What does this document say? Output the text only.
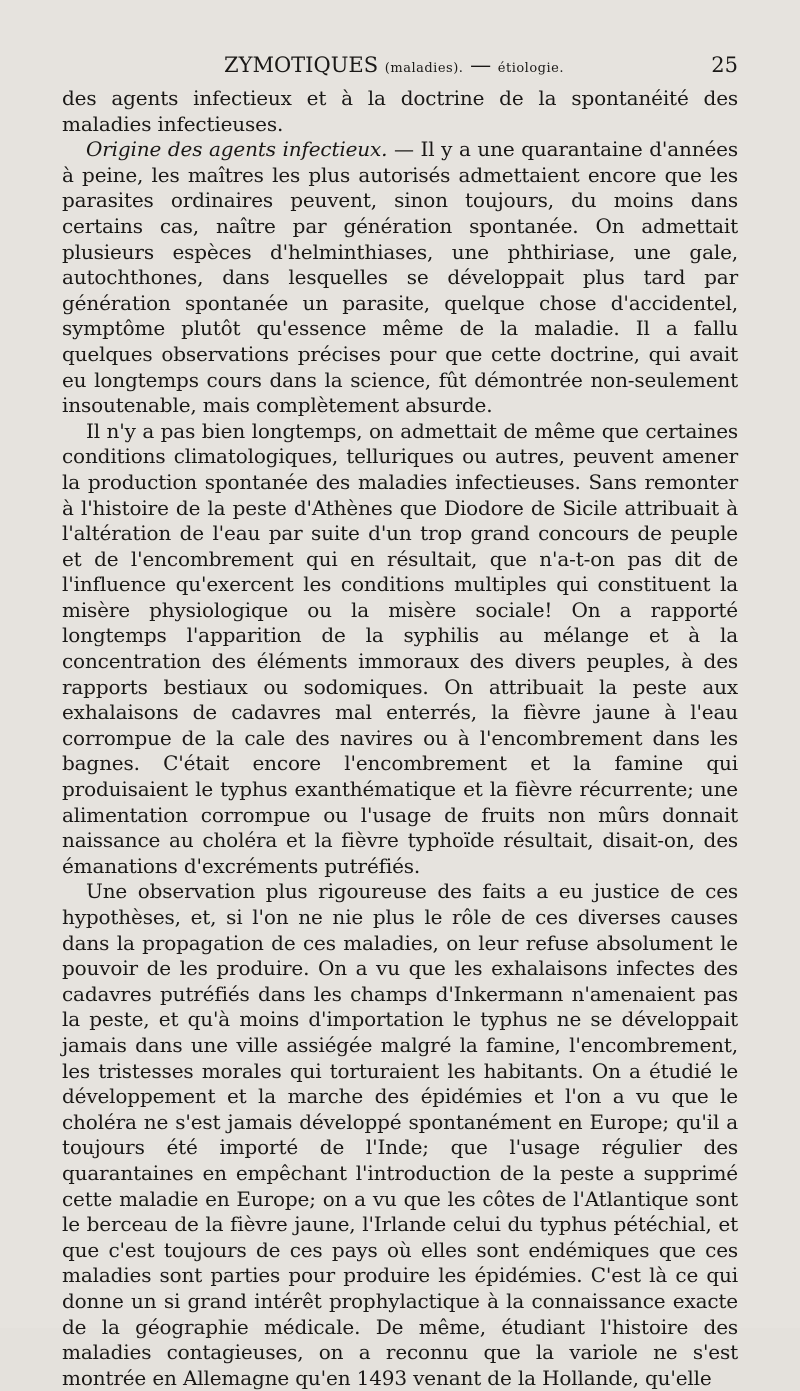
ZYMOTIQUES (maladies). — étiologie.	25

des agents infectieux et à la doctrine de la spontanéité des maladies infectieuses.

Origine des agents infectieux. — Il y a une quarantaine d'années à peine, les maîtres les plus autorisés admettaient encore que les parasites ordinaires peuvent, sinon toujours, du moins dans certains cas, naître par génération spontanée. On admettait plusieurs espèces d'helminthiases, une phthiriase, une gale, autochthones, dans lesquelles se développait plus tard par génération spontanée un parasite, quelque chose d'accidentel, symptôme plutôt qu'essence même de la maladie. Il a fallu quelques observations précises pour que cette doctrine, qui avait eu longtemps cours dans la science, fût démontrée non-seulement insoutenable, mais complètement absurde.

Il n'y a pas bien longtemps, on admettait de même que certaines conditions climatologiques, telluriques ou autres, peuvent amener la production spontanée des maladies infectieuses. Sans remonter à l'histoire de la peste d'Athènes que Diodore de Sicile attribuait à l'altération de l'eau par suite d'un trop grand concours de peuple et de l'encombrement qui en résultait, que n'a-t-on pas dit de l'influence qu'exercent les conditions multiples qui constituent la misère physiologique ou la misère sociale! On a rapporté longtemps l'apparition de la syphilis au mélange et à la concentration des éléments immoraux des divers peuples, à des rapports bestiaux ou sodomiques. On attribuait la peste aux exhalaisons de cadavres mal enterrés, la fièvre jaune à l'eau corrompue de la cale des navires ou à l'encombrement dans les bagnes. C'était encore l'encombrement et la famine qui produisaient le typhus exanthématique et la fièvre récurrente; une alimentation corrompue ou l'usage de fruits non mûrs donnait naissance au choléra et la fièvre typhoïde résultait, disait-on, des émanations d'excréments putréfiés.

Une observation plus rigoureuse des faits a eu justice de ces hypothèses, et, si l'on ne nie plus le rôle de ces diverses causes dans la propagation de ces maladies, on leur refuse absolument le pouvoir de les produire. On a vu que les exhalaisons infectes des cadavres putréfiés dans les champs d'Inkermann n'amenaient pas la peste, et qu'à moins d'importation le typhus ne se développait jamais dans une ville assiégée malgré la famine, l'encombrement, les tristesses morales qui torturaient les habitants. On a étudié le développement et la marche des épidémies et l'on a vu que le choléra ne s'est jamais développé spontanément en Europe; qu'il a toujours été importé de l'Inde; que l'usage régulier des quarantaines en empêchant l'introduction de la peste a supprimé cette maladie en Europe; on a vu que les côtes de l'Atlantique sont le berceau de la fièvre jaune, l'Irlande celui du typhus pétéchial, et que c'est toujours de ces pays où elles sont endémiques que ces maladies sont parties pour produire les épidémies. C'est là ce qui donne un si grand intérêt prophylactique à la connaissance exacte de la géographie médicale. De même, étudiant l'histoire des maladies contagieuses, on a reconnu que la variole ne s'est montrée en Allemagne qu'en 1493 venant de la Hollande, qu'elle
